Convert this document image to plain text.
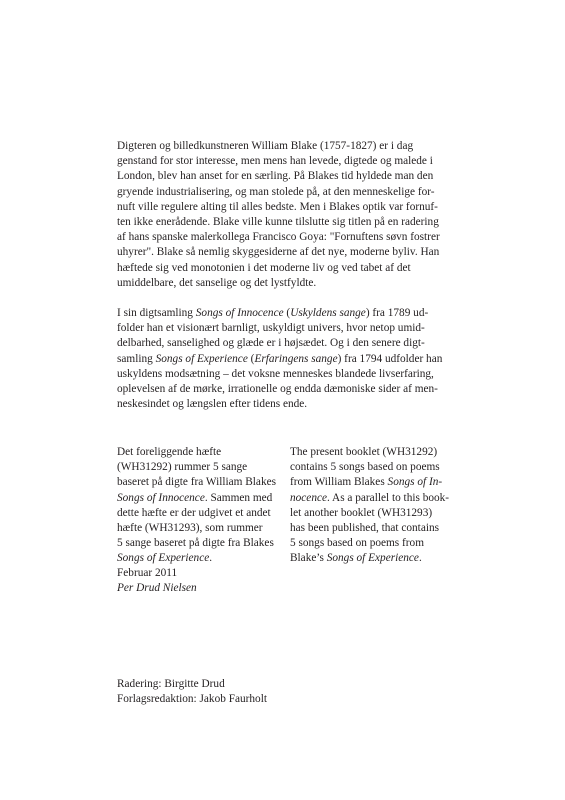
Digteren og billedkunstneren William Blake (1757-1827) er i dag
genstand for stor interesse, men mens han levede, digtede og malede i
London, blev han anset for en særling. På Blakes tid hyldede man den
gryende industrialisering, og man stolede på, at den menneskelige for-
nuft ville regulere alting til alles bedste. Men i Blakes optik var fornuf-
ten ikke enerådende. Blake ville kunne tilslutte sig titlen på en radering
af hans spanske malerkollega Francisco Goya: "Fornuftens søvn fostrer
uhyrer". Blake så nemlig skyggesiderne af det nye, moderne byliv. Han
hæftede sig ved monotonien i det moderne liv og ved tabet af det
umiddelbare, det sanselige og det lystfyldte.

I sin digtsamling Songs of Innocence (Uskyldens sange) fra 1789 ud-
folder han et visionært barnligt, uskyldigt univers, hvor netop umid-
delbarhed, sanselighed og glæde er i højsædet. Og i den senere digt-
samling Songs of Experience (Erfaringens sange) fra 1794 udfolder han
uskyldens modsætning – det voksne menneskes blandede livserfaring,
oplevelsen af de mørke, irrationelle og endda dæmoniske sider af men-
neskesindet og længslen efter tidens ende.

Det foreliggende hæfte
(WH31292) rummer 5 sange
baseret på digte fra William Blakes
Songs of Innocence. Sammen med
dette hæfte er der udgivet et andet
hæfte (WH31293), som rummer
5 sange baseret på digte fra Blakes
Songs of Experience.

The present booklet (WH31292)
contains 5 songs based on poems
from William Blakes Songs of In-
nocence. As a parallel to this book-
let another booklet (WH31293)
has been published, that contains
5 songs based on poems from
Blake’s Songs of Experience.

Februar 2011
Per Drud Nielsen

Radering: Birgitte Drud
Forlagsredaktion: Jakob Faurholt
